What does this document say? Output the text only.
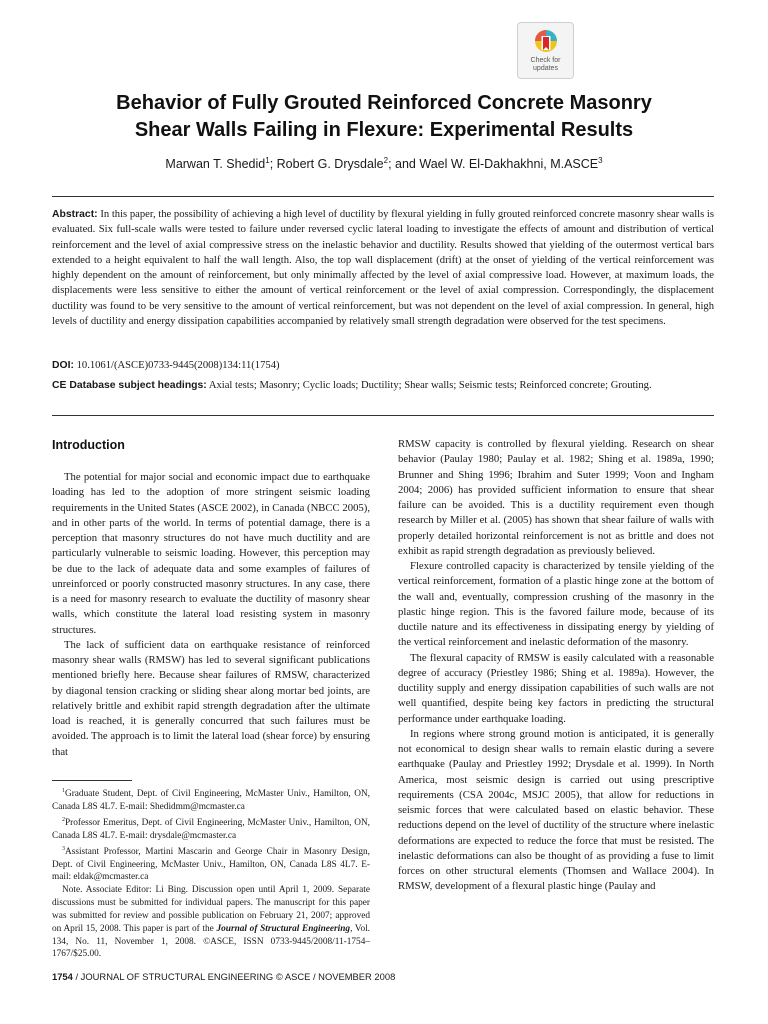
Check for
updates
Behavior of Fully Grouted Reinforced Concrete Masonry
Shear Walls Failing in Flexure: Experimental Results
Marwan T. Shedid$^1$; Robert G. Drysdale$^2$; and Wael W. El-Dakhakhni, M.ASCE$^3$

Abstract: In this paper, the possibility of achieving a high level of ductility by flexural yielding in fully grouted reinforced concrete masonry shear walls is evaluated. Six full-scale walls were tested to failure under reversed cyclic lateral loading to investigate the effects of amount and distribution of vertical reinforcement and the level of axial compressive stress on the inelastic behavior and ductility. Results showed that yielding of the outermost vertical bars extended to a height equivalent to half the wall length. Also, the top wall displacement (drift) at the onset of yielding of the vertical reinforcement was highly dependent on the amount of reinforcement, but only minimally affected by the level of axial compressive load. However, at maximum loads, the displacements were less sensitive to either the amount of vertical reinforcement or the level of axial compression. Correspondingly, the displacement ductility was found to be very sensitive to the amount of vertical reinforcement, but was not dependent on the level of axial compression. In general, high levels of ductility and energy dissipation capabilities accompanied by relatively small strength degradation were observed for the test specimens.

DOI: 10.1061/(ASCE)0733-9445(2008)134:11(1754)

CE Database subject headings: Axial tests; Masonry; Cyclic loads; Ductility; Shear walls; Seismic tests; Reinforced concrete; Grouting.

Introduction

The potential for major social and economic impact due to earthquake loading has led to the adoption of more stringent seismic loading requirements in the United States (ASCE 2002), in Canada (NBCC 2005), and in other parts of the world. In terms of potential damage, there is a perception that masonry structures do not have much ductility and are particularly vulnerable to seismic loading. However, this perception may be due to the lack of adequate data and some examples of failures of unreinforced or poorly constructed masonry structures. In any case, there is a need for masonry research to evaluate the ductility of masonry shear walls, which constitute the lateral load resisting system in masonry structures.

The lack of sufficient data on earthquake resistance of reinforced masonry shear walls (RMSW) has led to several significant publications mentioned briefly here. Because shear failures of RMSW, characterized by diagonal tension cracking or sliding shear along mortar bed joints, are relatively brittle and exhibit rapid strength degradation after the ultimate load is reached, it is generally concurred that such failures must be avoided. The approach is to limit the lateral load (shear force) by ensuring that

$^1$Graduate Student, Dept. of Civil Engineering, McMaster Univ., Hamilton, ON, Canada L8S 4L7. E-mail: Shedidmm@mcmaster.ca

$^2$Professor Emeritus, Dept. of Civil Engineering, McMaster Univ., Hamilton, ON, Canada L8S 4L7. E-mail: drysdale@mcmaster.ca

$^3$Assistant Professor, Martini Mascarin and George Chair in Masonry Design, Dept. of Civil Engineering, McMaster Univ., Hamilton, ON, Canada L8S 4L7. E-mail: eldak@mcmaster.ca

Note. Associate Editor: Li Bing. Discussion open until April 1, 2009. Separate discussions must be submitted for individual papers. The manuscript for this paper was submitted for review and possible publication on February 21, 2007; approved on April 15, 2008. This paper is part of the Journal of Structural Engineering, Vol. 134, No. 11, November 1, 2008. ©ASCE, ISSN 0733-9445/2008/11-1754–1767/$25.00.

RMSW capacity is controlled by flexural yielding. Research on shear behavior (Paulay 1980; Paulay et al. 1982; Shing et al. 1989a, 1990; Brunner and Shing 1996; Ibrahim and Suter 1999; Voon and Ingham 2004; 2006) has provided sufficient information to ensure that shear failure can be avoided. This is a ductility requirement even though research by Miller et al. (2005) has shown that shear failure of walls with properly detailed horizontal reinforcement is not as brittle and does not exhibit as rapid strength degradation as previously believed.

Flexure controlled capacity is characterized by tensile yielding of the vertical reinforcement, formation of a plastic hinge zone at the bottom of the wall and, eventually, compression crushing of the masonry in the plastic hinge region. This is the favored failure mode, because of its ductile nature and its effectiveness in dissipating energy by yielding of the vertical reinforcement and inelastic deformation of the masonry.

The flexural capacity of RMSW is easily calculated with a reasonable degree of accuracy (Priestley 1986; Shing et al. 1989a). However, the ductility supply and energy dissipation capabilities of such walls are not well quantified, despite being key factors in predicting the structural performance under earthquake loading.

In regions where strong ground motion is anticipated, it is generally not economical to design shear walls to remain elastic during a severe earthquake (Paulay and Priestley 1992; Drysdale et al. 1999). In North America, most seismic design is carried out using prescriptive requirements (CSA 2004c, MSJC 2005), that allow for reductions in seismic forces that were calculated based on elastic behavior. These reductions depend on the level of ductility of the structure where inelastic deformations are expected to reduce the force that must be resisted. The inelastic deformations can also be thought of as providing a fuse to limit forces on other structural elements (Thomsen and Wallace 2004). In RMSW, development of a flexural plastic hinge (Paulay and

1754 / JOURNAL OF STRUCTURAL ENGINEERING © ASCE / NOVEMBER 2008
